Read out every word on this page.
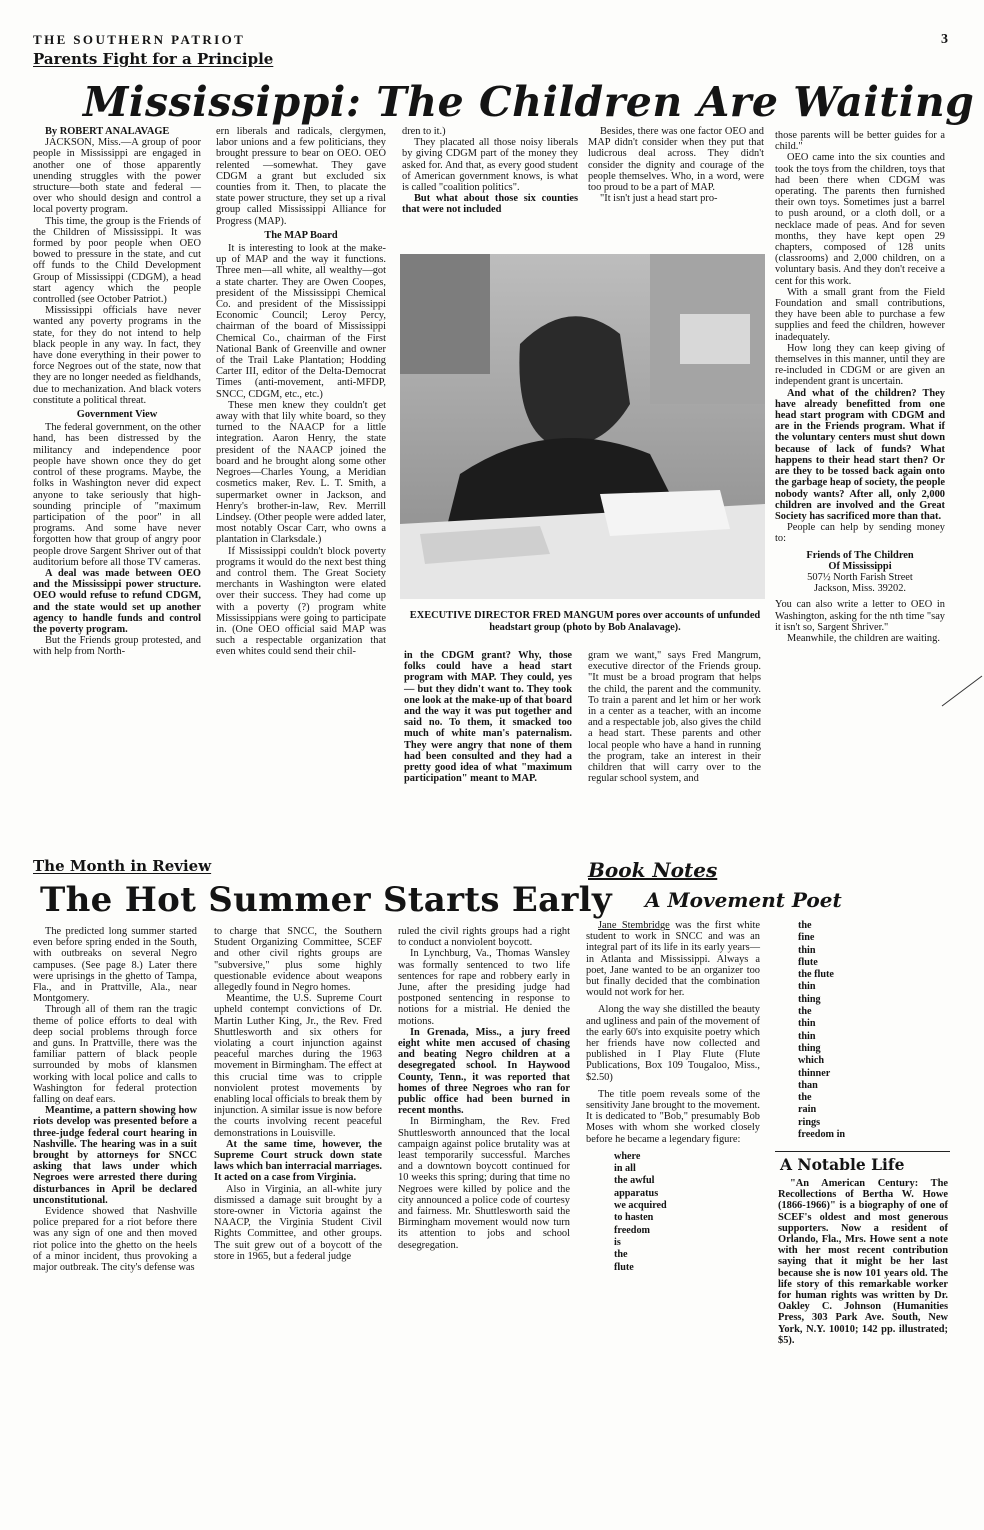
THE SOUTHERN PATRIOT	3
Parents Fight for a Principle
Mississippi: The Children Are Waiting

By ROBERT ANALAVAGE

JACKSON, Miss.—A group of poor people in Mississippi are engaged in another one of those apparently unending struggles with the power structure—both state and federal — over who should design and control a local poverty program.

This time, the group is the Friends of the Children of Mississippi. It was formed by poor people when OEO bowed to pressure in the state, and cut off funds to the Child Development Group of Mississippi (CDGM), a head start agency which the people controlled (see October Patriot.)

Mississippi officials have never wanted any poverty programs in the state, for they do not intend to help black people in any way. In fact, they have done everything in their power to force Negroes out of the state, now that they are no longer needed as fieldhands, due to mechanization. And black voters constitute a political threat.

Government View

The federal government, on the other hand, has been distressed by the militancy and independence poor people have shown once they do get control of these programs. Maybe, the folks in Washington never did expect anyone to take seriously that high-sounding principle of "maximum participation of the poor" in all programs. And some have never forgotten how that group of angry poor people drove Sargent Shriver out of that auditorium before all those TV cameras.

A deal was made between OEO and the Mississippi power structure. OEO would refuse to refund CDGM, and the state would set up another agency to handle funds and control the poverty program.

But the Friends group protested, and with help from North-

ern liberals and radicals, clergymen, labor unions and a few politicians, they brought pressure to bear on OEO. OEO relented —somewhat. They gave CDGM a grant but excluded six counties from it. Then, to placate the state power structure, they set up a rival group called Mississippi Alliance for Progress (MAP).

The MAP Board

It is interesting to look at the make-up of MAP and the way it functions. Three men—all white, all wealthy—got a state charter. They are Owen Coopes, president of the Mississippi Chemical Co. and president of the Mississippi Economic Council; Leroy Percy, chairman of the board of Mississippi Chemical Co., chairman of the First National Bank of Greenville and owner of the Trail Lake Plantation; Hodding Carter III, editor of the Delta-Democrat Times (anti-movement, anti-MFDP, SNCC, CDGM, etc., etc.)

These men knew they couldn't get away with that lily white board, so they turned to the NAACP for a little integration. Aaron Henry, the state president of the NAACP joined the board and he brought along some other Negroes—Charles Young, a Meridian cosmetics maker, Rev. L. T. Smith, a supermarket owner in Jackson, and Henry's brother-in-law, Rev. Merrill Lindsey. (Other people were added later, most notably Oscar Carr, who owns a plantation in Clarksdale.)

If Mississippi couldn't block poverty programs it would do the next best thing and control them. The Great Society merchants in Washington were elated over their success. They had come up with a poverty (?) program white Mississippians were going to participate in. (One OEO official said MAP was such a respectable organization that even whites could send their chil-

dren to it.)

They placated all those noisy liberals by giving CDGM part of the money they asked for. And that, as every good student of American government knows, is what is called "coalition politics".

But what about those six counties that were not included

Besides, there was one factor OEO and MAP didn't consider when they put that ludicrous deal across. They didn't consider the dignity and courage of the people themselves. Who, in a word, were too proud to be a part of MAP.

"It isn't just a head start pro-

EXECUTIVE DIRECTOR FRED MANGUM pores over accounts of unfunded headstart group (photo by Bob Analavage).

in the CDGM grant? Why, those folks could have a head start program with MAP. They could, yes — but they didn't want to. They took one look at the make-up of that board and the way it was put together and said no. To them, it smacked too much of white man's paternalism. They were angry that none of them had been consulted and they had a pretty good idea of what "maximum participation" meant to MAP.

gram we want," says Fred Mangrum, executive director of the Friends group. "It must be a broad program that helps the child, the parent and the community. To train a parent and let him or her work in a center as a teacher, with an income and a respectable job, also gives the child a head start. These parents and other local people who have a hand in running the program, take an interest in their children that will carry over to the regular school system, and

those parents will be better guides for a child."

OEO came into the six counties and took the toys from the children, toys that had been there when CDGM was operating. The parents then furnished their own toys. Sometimes just a barrel to push around, or a cloth doll, or a necklace made of peas. And for seven months, they have kept open 29 chapters, composed of 128 units (classrooms) and 2,000 children, on a voluntary basis. And they don't receive a cent for this work.

With a small grant from the Field Foundation and small contributions, they have been able to purchase a few supplies and feed the children, however inadequately.

How long they can keep giving of themselves in this manner, until they are re-included in CDGM or are given an independent grant is uncertain.

And what of the children? They have already benefitted from one head start program with CDGM and are in the Friends program. What if the voluntary centers must shut down because of lack of funds? What happens to their head start then? Or are they to be tossed back again onto the garbage heap of society, the people nobody wants? After all, only 2,000 children are involved and the Great Society has sacrificed more than that.

People can help by sending money to:

Friends of The Children
Of Mississippi
507½ North Farish Street
Jackson, Miss. 39202.

You can also write a letter to OEO in Washington, asking for the nth time "say it isn't so, Sargent Shriver."

Meanwhile, the children are waiting.

The Month in Review
The Hot Summer Starts Early

The predicted long summer started even before spring ended in the South, with outbreaks on several Negro campuses. (See page 8.) Later there were uprisings in the ghetto of Tampa, Fla., and in Prattville, Ala., near Montgomery.

Through all of them ran the tragic theme of police efforts to deal with deep social problems through force and guns. In Prattville, there was the familiar pattern of black people surrounded by mobs of klansmen working with local police and calls to Washington for federal protection falling on deaf ears.

Meantime, a pattern showing how riots develop was presented before a three-judge federal court hearing in Nashville. The hearing was in a suit brought by attorneys for SNCC asking that laws under which Negroes were arrested there during disturbances in April be declared unconstitutional.

Evidence showed that Nashville police prepared for a riot before there was any sign of one and then moved riot police into the ghetto on the heels of a minor incident, thus provoking a major outbreak. The city's defense was

to charge that SNCC, the Southern Student Organizing Committee, SCEF and other civil rights groups are "subversive," plus some highly questionable evidence about weapons allegedly found in Negro homes.

Meantime, the U.S. Supreme Court upheld contempt convictions of Dr. Martin Luther King, Jr., the Rev. Fred Shuttlesworth and six others for violating a court injunction against peaceful marches during the 1963 movement in Birmingham. The effect at this crucial time was to cripple nonviolent protest movements by enabling local officials to break them by injunction. A similar issue is now before the courts involving recent peaceful demonstrations in Louisville.

At the same time, however, the Supreme Court struck down state laws which ban interracial marriages. It acted on a case from Virginia.

Also in Virginia, an all-white jury dismissed a damage suit brought by a store-owner in Victoria against the NAACP, the Virginia Student Civil Rights Committee, and other groups. The suit grew out of a boycott of the store in 1965, but a federal judge

ruled the civil rights groups had a right to conduct a nonviolent boycott.

In Lynchburg, Va., Thomas Wansley was formally sentenced to two life sentences for rape and robbery early in June, after the presiding judge had postponed sentencing in response to notions for a mistrial. He denied the motions.

In Grenada, Miss., a jury freed eight white men accused of chasing and beating Negro children at a desegregated school. In Haywood County, Tenn., it was reported that homes of three Negroes who ran for public office had been burned in recent months.

In Birmingham, the Rev. Fred Shuttlesworth announced that the local campaign against police brutality was at least temporarily successful. Marches and a downtown boycott continued for 10 weeks this spring; during that time no Negroes were killed by police and the city announced a police code of courtesy and fairness. Mr. Shuttlesworth said the Birmingham movement would now turn its attention to jobs and school desegregation.

Book Notes
A Movement Poet

Jane Stembridge was the first white student to work in SNCC and was an integral part of its life in its early years—in Atlanta and Mississippi. Always a poet, Jane wanted to be an organizer too but finally decided that the combination would not work for her.

Along the way she distilled the beauty and ugliness and pain of the movement of the early 60's into exquisite poetry which her friends have now collected and published in I Play Flute (Flute Publications, Box 109 Tougaloo, Miss., $2.50)

The title poem reveals some of the sensitivity Jane brought to the movement. It is dedicated to "Bob," presumably Bob Moses with whom she worked closely before he became a legendary figure:

where
in all
the awful
apparatus
we acquired
to hasten
freedom
is
the
flute
the
fine
thin
flute
the flute
thin
thing
the
thin
thin
thing
which
thinner
than
the
rain
rings
freedom in
A Notable Life

"An American Century: The Recollections of Bertha W. Howe (1866-1966)" is a biography of one of SCEF's oldest and most generous supporters. Now a resident of Orlando, Fla., Mrs. Howe sent a note with her most recent contribution saying that it might be her last because she is now 101 years old. The life story of this remarkable worker for human rights was written by Dr. Oakley C. Johnson (Humanities Press, 303 Park Ave. South, New York, N.Y. 10010; 142 pp. illustrated; $5).
